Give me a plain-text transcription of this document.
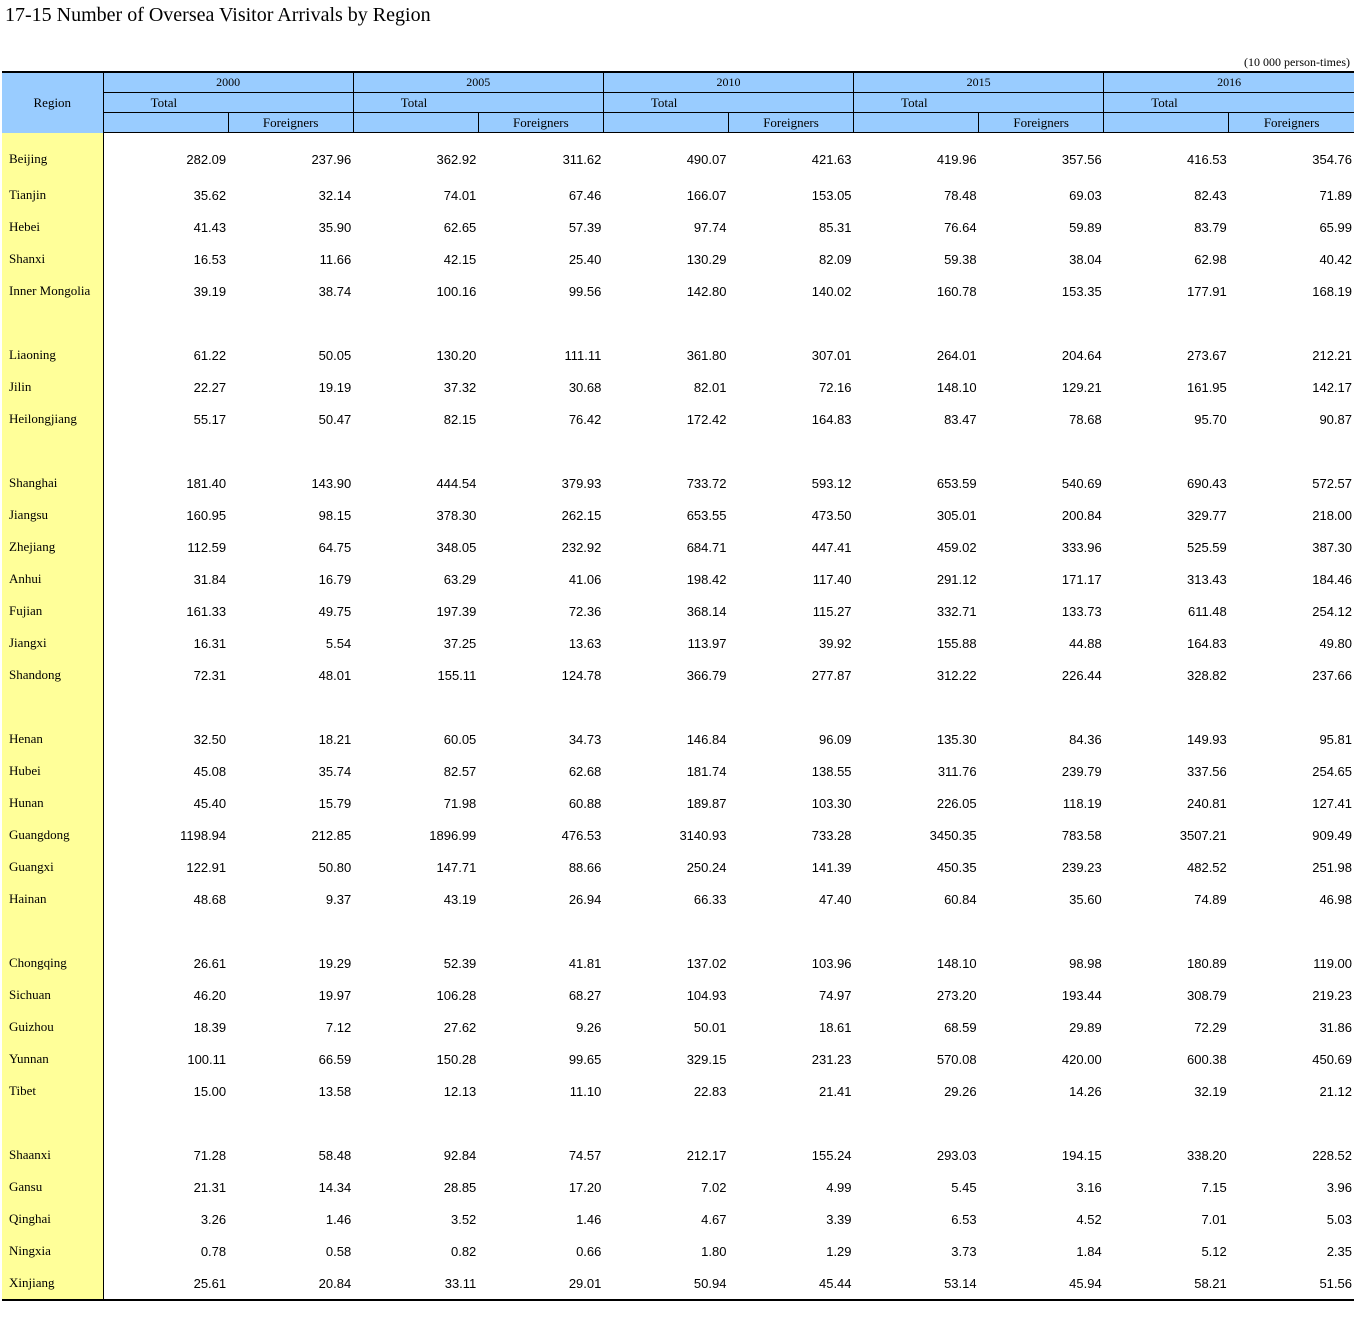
17-15 Number of Oversea Visitor Arrivals by Region
(10 000 person-times)
Region	2000		2005		2010		2015		2016	
	Total		Total		Total		Total		Total	
		Foreigners		Foreigners		Foreigners		Foreigners		Foreigners
Beijing	282.09	237.96	362.92	311.62	490.07	421.63	419.96	357.56	416.53	354.76
Tianjin	35.62	32.14	74.01	67.46	166.07	153.05	78.48	69.03	82.43	71.89
Hebei	41.43	35.90	62.65	57.39	97.74	85.31	76.64	59.89	83.79	65.99
Shanxi	16.53	11.66	42.15	25.40	130.29	82.09	59.38	38.04	62.98	40.42
Inner Mongolia	39.19	38.74	100.16	99.56	142.80	140.02	160.78	153.35	177.91	168.19

Liaoning	61.22	50.05	130.20	111.11	361.80	307.01	264.01	204.64	273.67	212.21
Jilin	22.27	19.19	37.32	30.68	82.01	72.16	148.10	129.21	161.95	142.17
Heilongjiang	55.17	50.47	82.15	76.42	172.42	164.83	83.47	78.68	95.70	90.87

Shanghai	181.40	143.90	444.54	379.93	733.72	593.12	653.59	540.69	690.43	572.57
Jiangsu	160.95	98.15	378.30	262.15	653.55	473.50	305.01	200.84	329.77	218.00
Zhejiang	112.59	64.75	348.05	232.92	684.71	447.41	459.02	333.96	525.59	387.30
Anhui	31.84	16.79	63.29	41.06	198.42	117.40	291.12	171.17	313.43	184.46
Fujian	161.33	49.75	197.39	72.36	368.14	115.27	332.71	133.73	611.48	254.12
Jiangxi	16.31	5.54	37.25	13.63	113.97	39.92	155.88	44.88	164.83	49.80
Shandong	72.31	48.01	155.11	124.78	366.79	277.87	312.22	226.44	328.82	237.66

Henan	32.50	18.21	60.05	34.73	146.84	96.09	135.30	84.36	149.93	95.81
Hubei	45.08	35.74	82.57	62.68	181.74	138.55	311.76	239.79	337.56	254.65
Hunan	45.40	15.79	71.98	60.88	189.87	103.30	226.05	118.19	240.81	127.41
Guangdong	1198.94	212.85	1896.99	476.53	3140.93	733.28	3450.35	783.58	3507.21	909.49
Guangxi	122.91	50.80	147.71	88.66	250.24	141.39	450.35	239.23	482.52	251.98
Hainan	48.68	9.37	43.19	26.94	66.33	47.40	60.84	35.60	74.89	46.98

Chongqing	26.61	19.29	52.39	41.81	137.02	103.96	148.10	98.98	180.89	119.00
Sichuan	46.20	19.97	106.28	68.27	104.93	74.97	273.20	193.44	308.79	219.23
Guizhou	18.39	7.12	27.62	9.26	50.01	18.61	68.59	29.89	72.29	31.86
Yunnan	100.11	66.59	150.28	99.65	329.15	231.23	570.08	420.00	600.38	450.69
Tibet	15.00	13.58	12.13	11.10	22.83	21.41	29.26	14.26	32.19	21.12

Shaanxi	71.28	58.48	92.84	74.57	212.17	155.24	293.03	194.15	338.20	228.52
Gansu	21.31	14.34	28.85	17.20	7.02	4.99	5.45	3.16	7.15	3.96
Qinghai	3.26	1.46	3.52	1.46	4.67	3.39	6.53	4.52	7.01	5.03
Ningxia	0.78	0.58	0.82	0.66	1.80	1.29	3.73	1.84	5.12	2.35
Xinjiang	25.61	20.84	33.11	29.01	50.94	45.44	53.14	45.94	58.21	51.56
